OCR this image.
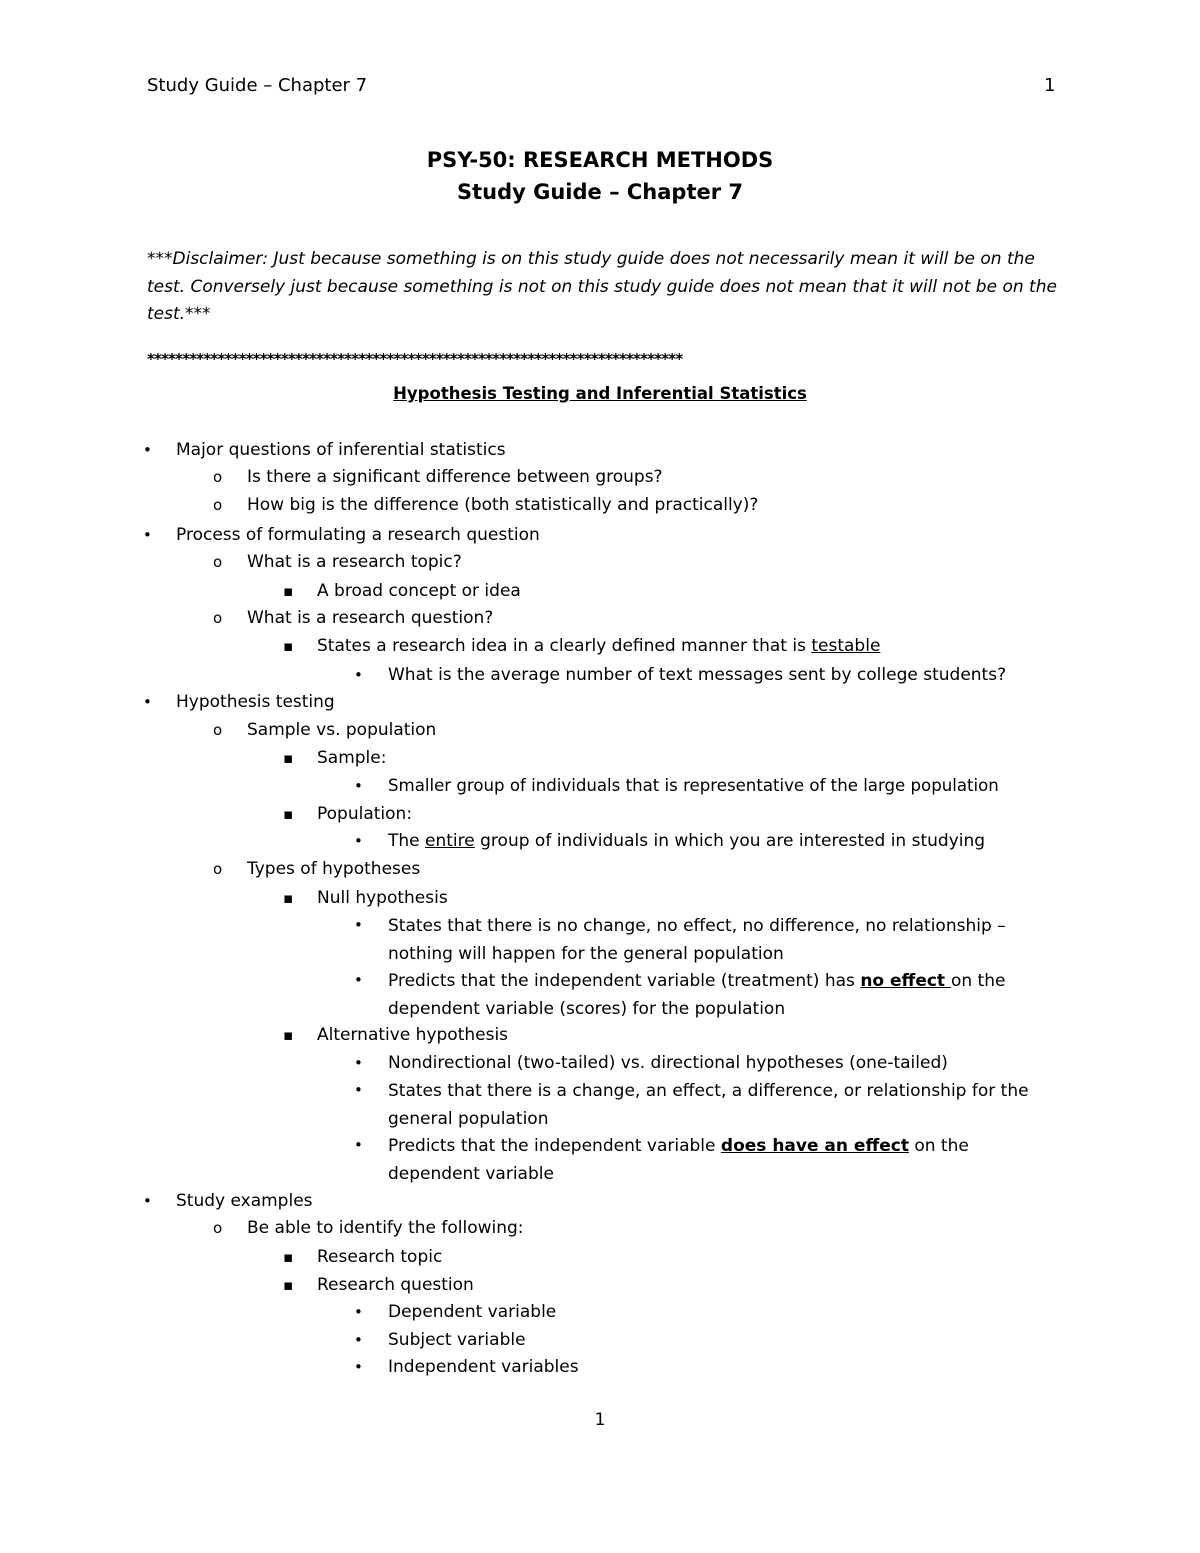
Study Guide – Chapter 7	1
PSY-50: RESEARCH METHODS
Study Guide – Chapter 7
***Disclaimer: Just because something is on this study guide does not necessarily mean it will be on the test. Conversely just because something is not on this study guide does not mean that it will not be on the test.***
****************************************************************************
Hypothesis Testing and Inferential Statistics
• Major questions of inferential statistics
o Is there a significant difference between groups?
o How big is the difference (both statistically and practically)?
• Process of formulating a research question
o What is a research topic?
▪ A broad concept or idea
o What is a research question?
▪ States a research idea in a clearly defined manner that is testable
• What is the average number of text messages sent by college students?
• Hypothesis testing
o Sample vs. population
▪ Sample:
• Smaller group of individuals that is representative of the large population
▪ Population:
• The entire group of individuals in which you are interested in studying
o Types of hypotheses
▪ Null hypothesis
• States that there is no change, no effect, no difference, no relationship – nothing will happen for the general population
• Predicts that the independent variable (treatment) has no effect on the dependent variable (scores) for the population
▪ Alternative hypothesis
• Nondirectional (two-tailed) vs. directional hypotheses (one-tailed)
• States that there is a change, an effect, a difference, or relationship for the general population
• Predicts that the independent variable does have an effect on the dependent variable
• Study examples
o Be able to identify the following:
▪ Research topic
▪ Research question
• Dependent variable
• Subject variable
• Independent variables
1
